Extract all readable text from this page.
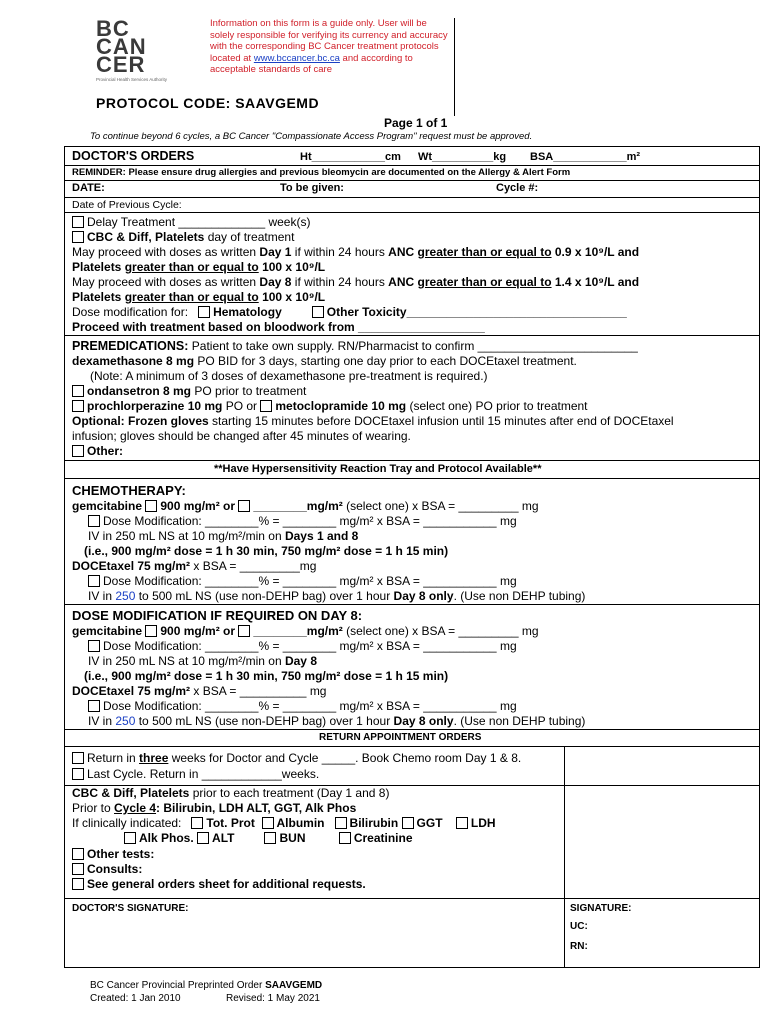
BC
CAN
CER
Provincial Health Services Authority
Information on this form is a guide only. User will be solely responsible for verifying its currency and accuracy with the corresponding BC Cancer treatment protocols located at www.bccancer.bc.ca and according to acceptable standards of care
PROTOCOL CODE: SAAVGEMD
Page 1 of 1
To continue beyond 6 cycles, a BC Cancer "Compassionate Access Program" request must be approved.
DOCTOR'S ORDERS	Ht____________cm Wt__________kg BSA____________m²
REMINDER: Please ensure drug allergies and previous bleomycin are documented on the Allergy & Alert Form
DATE:	To be given:	Cycle #:
Date of Previous Cycle:
Delay Treatment _____________ week(s)
CBC & Diff, Platelets day of treatment
May proceed with doses as written Day 1 if within 24 hours ANC greater than or equal to 0.9 x 10⁹/L and
Platelets greater than or equal to 100 x 10⁹/L
May proceed with doses as written Day 8 if within 24 hours ANC greater than or equal to 1.4 x 10⁹/L and
Platelets greater than or equal to 100 x 10⁹/L
Dose modification for: Hematology	Other Toxicity_________________________________
Proceed with treatment based on bloodwork from ___________________
PREMEDICATIONS: Patient to take own supply. RN/Pharmacist to confirm ________________________
dexamethasone 8 mg PO BID for 3 days, starting one day prior to each DOCEtaxel treatment.
(Note: A minimum of 3 doses of dexamethasone pre-treatment is required.)
ondansetron 8 mg PO prior to treatment
prochlorperazine 10 mg PO or metoclopramide 10 mg (select one) PO prior to treatment
Optional: Frozen gloves starting 15 minutes before DOCEtaxel infusion until 15 minutes after end of DOCEtaxel
infusion; gloves should be changed after 45 minutes of wearing.
Other:
**Have Hypersensitivity Reaction Tray and Protocol Available**
CHEMOTHERAPY:
gemcitabine 900 mg/m² or ________mg/m² (select one) x BSA = _________ mg
Dose Modification: ________% = ________ mg/m² x BSA = ___________ mg
IV in 250 mL NS at 10 mg/m²/min on Days 1 and 8
(i.e., 900 mg/m² dose = 1 h 30 min, 750 mg/m² dose = 1 h 15 min)
DOCEtaxel 75 mg/m² x BSA = _________mg
Dose Modification: ________% = ________ mg/m² x BSA = ___________ mg
IV in 250 to 500 mL NS (use non-DEHP bag) over 1 hour Day 8 only. (Use non DEHP tubing)
DOSE MODIFICATION IF REQUIRED ON DAY 8:
gemcitabine 900 mg/m² or ________mg/m² (select one) x BSA = _________ mg
Dose Modification: ________% = ________ mg/m² x BSA = ___________ mg
IV in 250 mL NS at 10 mg/m²/min on Day 8
(i.e., 900 mg/m² dose = 1 h 30 min, 750 mg/m² dose = 1 h 15 min)
DOCEtaxel 75 mg/m² x BSA = __________ mg
Dose Modification: ________% = ________ mg/m² x BSA = ___________ mg
IV in 250 to 500 mL NS (use non-DEHP bag) over 1 hour Day 8 only. (Use non DEHP tubing)
RETURN APPOINTMENT ORDERS
Return in three weeks for Doctor and Cycle _____. Book Chemo room Day 1 & 8.
Last Cycle. Return in ____________weeks.
CBC & Diff, Platelets prior to each treatment (Day 1 and 8)
Prior to Cycle 4: Bilirubin, LDH ALT, GGT, Alk Phos
If clinically indicated: Tot. Prot Albumin Bilirubin GGT LDH
Alk Phos. ALT	BUN	Creatinine
Other tests:
Consults:
See general orders sheet for additional requests.
DOCTOR'S SIGNATURE:	SIGNATURE:
UC:
RN:
BC Cancer Provincial Preprinted Order SAAVGEMD
Created: 1 Jan 2010	Revised: 1 May 2021
